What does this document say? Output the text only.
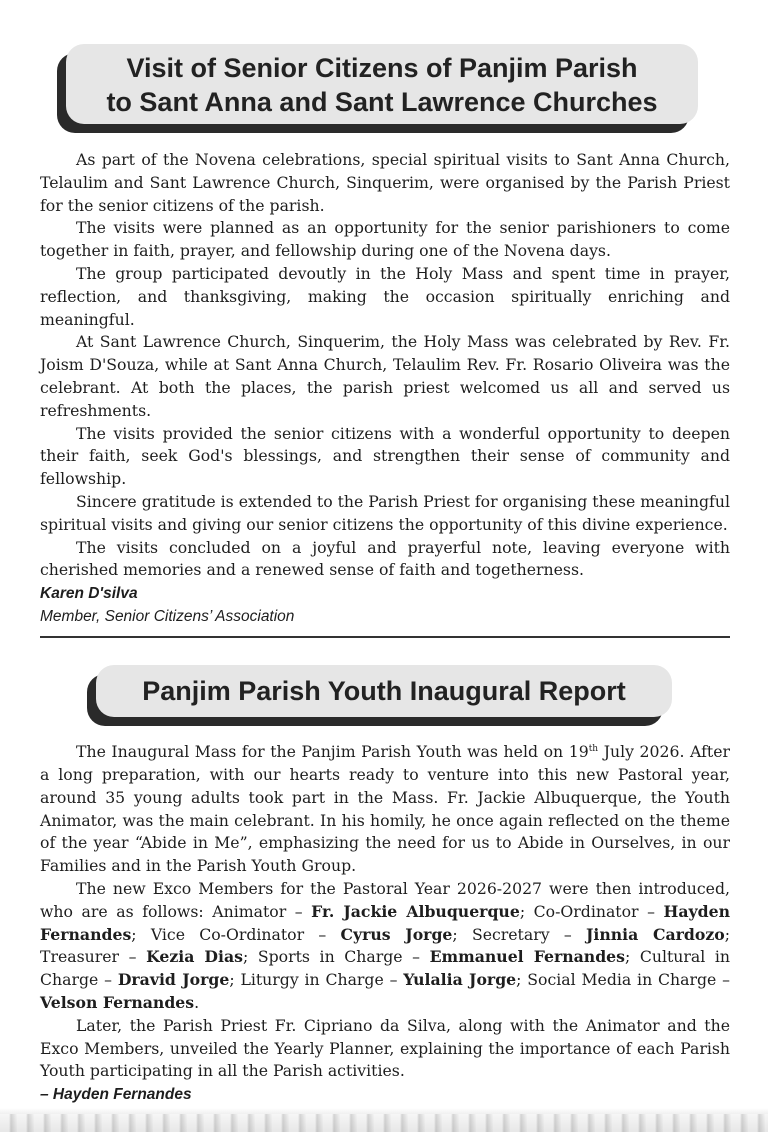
Visit of Senior Citizens of Panjim Parish
to Sant Anna and Sant Lawrence Churches

As part of the Novena celebrations, special spiritual visits to Sant Anna Church, Telaulim and Sant Lawrence Church, Sinquerim, were organised by the Parish Priest for the senior citizens of the parish.

The visits were planned as an opportunity for the senior parishioners to come together in faith, prayer, and fellowship during one of the Novena days.

The group participated devoutly in the Holy Mass and spent time in prayer, reflection, and thanksgiving, making the occasion spiritually enriching and meaningful.

At Sant Lawrence Church, Sinquerim, the Holy Mass was celebrated by Rev. Fr. Joism D'Souza, while at Sant Anna Church, Telaulim Rev. Fr. Rosario Oliveira was the celebrant. At both the places, the parish priest welcomed us all and served us refreshments.

The visits provided the senior citizens with a wonderful opportunity to deepen their faith, seek God's blessings, and strengthen their sense of community and fellowship.

Sincere gratitude is extended to the Parish Priest for organising these meaningful spiritual visits and giving our senior citizens the opportunity of this divine experience.

The visits concluded on a joyful and prayerful note, leaving everyone with cherished memories and a renewed sense of faith and togetherness.

Karen D'silva

Member, Senior Citizens’ Association

Panjim Parish Youth Inaugural Report

The Inaugural Mass for the Panjim Parish Youth was held on 19th July 2026. After a long preparation, with our hearts ready to venture into this new Pastoral year, around 35 young adults took part in the Mass. Fr. Jackie Albuquerque, the Youth Animator, was the main celebrant. In his homily, he once again reflected on the theme of the year “Abide in Me”, emphasizing the need for us to Abide in Ourselves, in our Families and in the Parish Youth Group.

The new Exco Members for the Pastoral Year 2026-2027 were then introduced, who are as follows: Animator – Fr. Jackie Albuquerque; Co-Ordinator – Hayden Fernandes; Vice Co-Ordinator – Cyrus Jorge; Secretary – Jinnia Cardozo; Treasurer – Kezia Dias; Sports in Charge – Emmanuel Fernandes; Cultural in Charge – Dravid Jorge; Liturgy in Charge – Yulalia Jorge; Social Media in Charge – Velson Fernandes.

Later, the Parish Priest Fr. Cipriano da Silva, along with the Animator and the Exco Members, unveiled the Yearly Planner, explaining the importance of each Parish Youth participating in all the Parish activities.

– Hayden Fernandes
